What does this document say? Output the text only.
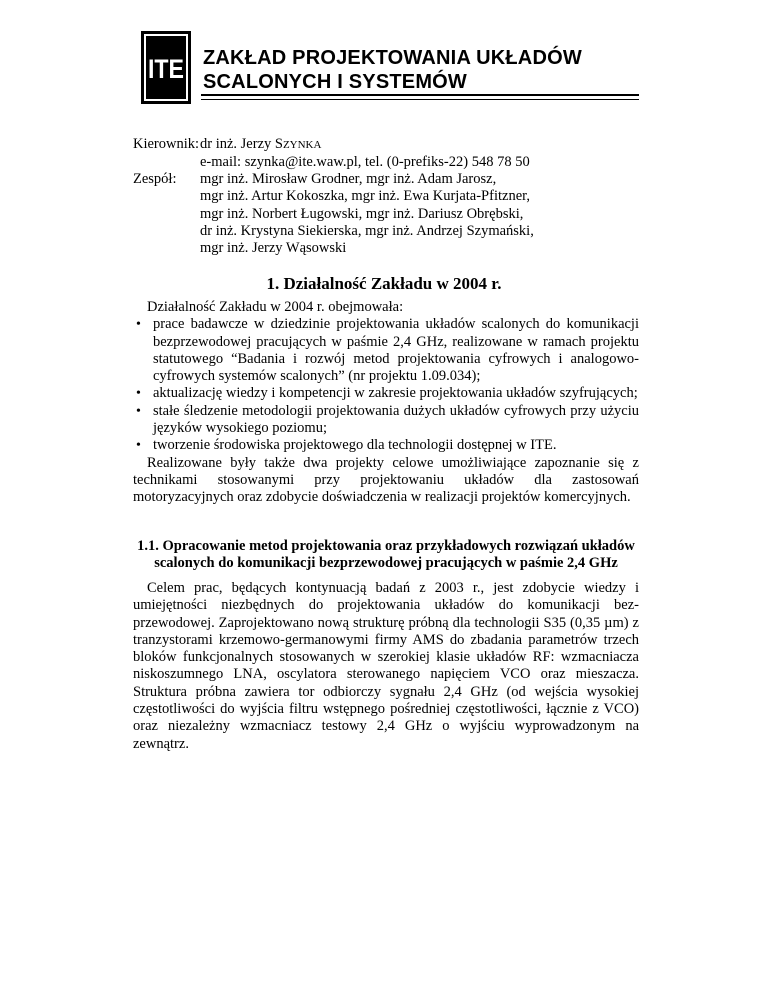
ITE ZAKŁAD PROJEKTOWANIA UKŁADÓW
SCALONYCH I SYSTEMÓW
Kierownik: dr inż. Jerzy SZYNKA
e-mail: szynka@ite.waw.pl, tel. (0-prefiks-22) 548 78 50
Zespół: mgr inż. Mirosław Grodner, mgr inż. Adam Jarosz,
mgr inż. Artur Kokoszka, mgr inż. Ewa Kurjata-Pfitzner,
mgr inż. Norbert Ługowski, mgr inż. Dariusz Obrębski,
dr inż. Krystyna Siekierska, mgr inż. Andrzej Szymański,
mgr inż. Jerzy Wąsowski
1. Działalność Zakładu w 2004 r.

Działalność Zakładu w 2004 r. obejmowała:

• prace badawcze w dziedzinie projektowania układów scalonych do komunikacji bezprzewodowej pracujących w paśmie 2,4 GHz, realizowane w ramach projektu statutowego “Badania i rozwój metod projektowania cyfrowych i analogowo-cyfrowych systemów scalonych” (nr projektu 1.09.034);
• aktualizację wiedzy i kompetencji w zakresie projektowania układów szyfrujących;
• stałe śledzenie metodologii projektowania dużych układów cyfrowych przy użyciu języków wysokiego poziomu;
• tworzenie środowiska projektowego dla technologii dostępnej w ITE.

Realizowane były także dwa projekty celowe umożliwiające zapoznanie się z technikami stosowanymi przy projektowaniu układów dla zastosowań motoryzacyjnych oraz zdobycie doświadczenia w realizacji projektów komercyjnych.

1.1. Opracowanie metod projektowania oraz przykładowych rozwiązań układów
scalonych do komunikacji bezprzewodowej pracujących w paśmie 2,4 GHz

Celem prac, będących kontynuacją badań z 2003 r., jest zdobycie wiedzy i umiejętności niezbędnych do projektowania układów do komunikacji bez- przewodowej. Zaprojektowano nową strukturę próbną dla technologii S35 (0,35 µm) z tranzystorami krzemowo-germanowymi firmy AMS do zbadania parametrów trzech bloków funkcjonalnych stosowanych w szerokiej klasie układów RF: wzmacniacza niskoszumnego LNA, oscylatora sterowanego napięciem VCO oraz mieszacza. Struktura próbna zawiera tor odbiorczy sygnału 2,4 GHz (od wejścia wysokiej częstotliwości do wyjścia filtru wstępnego pośredniej częstotliwości, łącznie z VCO) oraz niezależny wzmacniacz testowy 2,4 GHz o wyjściu wyprowadzonym na zewnątrz.
